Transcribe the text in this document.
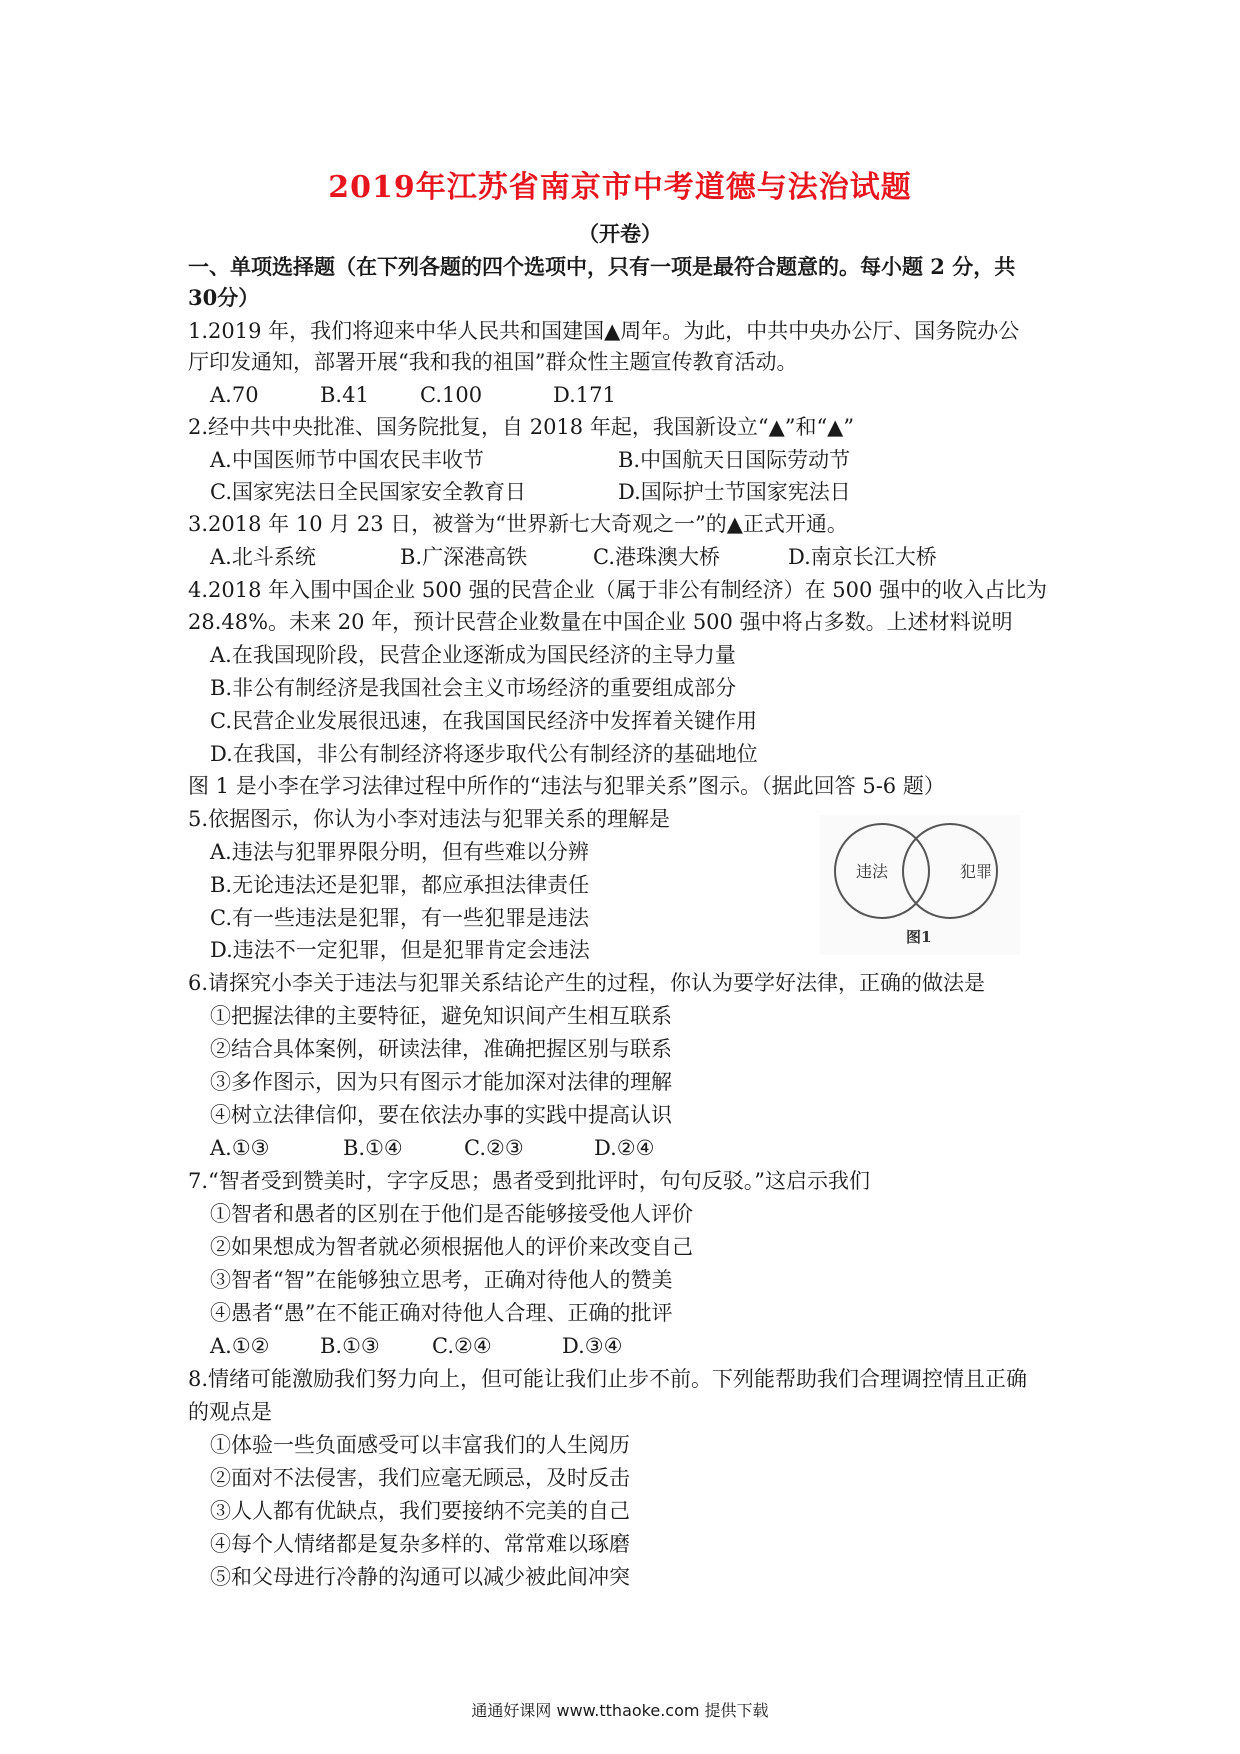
2019年江苏省南京市中考道德与法治试题
（开卷）
一、单项选择题（在下列各题的四个选项中，只有一项是最符合题意的。每小题 2 分，共
30分）
1.2019 年，我们将迎来中华人民共和国建国▲周年。为此，中共中央办公厅、国务院办公
厅印发通知，部署开展“我和我的祖国”群众性主题宣传教育活动。
A.70	B.41 C.100	D.171
2.经中共中央批准、国务院批复，自 2018 年起，我国新设立“▲”和“▲”
A.中国医师节中国农民丰收节	B.中国航天日国际劳动节
C.国家宪法日全民国家安全教育日	D.国际护士节国家宪法日
3.2018 年 10 月 23 日，被誉为“世界新七大奇观之一”的▲正式开通。
A.北斗系统	B.广深港高铁	C.港珠澳大桥	D.南京长江大桥
4.2018 年入围中国企业 500 强的民营企业（属于非公有制经济）在 500 强中的收入占比为
28.48%。未来 20 年，预计民营企业数量在中国企业 500 强中将占多数。上述材料说明
A.在我国现阶段，民营企业逐渐成为国民经济的主导力量
B.非公有制经济是我国社会主义市场经济的重要组成部分
C.民营企业发展很迅速，在我国国民经济中发挥着关键作用
D.在我国，非公有制经济将逐步取代公有制经济的基础地位
图 1 是小李在学习法律过程中所作的“违法与犯罪关系”图示。（据此回答 5-6 题）
5.依据图示，你认为小李对违法与犯罪关系的理解是
A.违法与犯罪界限分明，但有些难以分辨
B.无论违法还是犯罪，都应承担法律责任
C.有一些违法是犯罪，有一些犯罪是违法
D.违法不一定犯罪，但是犯罪肯定会违法
违法	犯罪
图1
6.请探究小李关于违法与犯罪关系结论产生的过程，你认为要学好法律，正确的做法是
①把握法律的主要特征，避免知识间产生相互联系
②结合具体案例，研读法律，准确把握区别与联系
③多作图示，因为只有图示才能加深对法律的理解
④树立法律信仰，要在依法办事的实践中提高认识
A.①③	B.①④	C.②③	D.②④
7.“智者受到赞美时，字字反思；愚者受到批评时，句句反驳。”这启示我们
①智者和愚者的区别在于他们是否能够接受他人评价
②如果想成为智者就必须根据他人的评价来改变自己
③智者“智”在能够独立思考，正确对待他人的赞美
④愚者“愚”在不能正确对待他人合理、正确的批评
A.①② B.①③ C.②④	D.③④
8.情绪可能激励我们努力向上，但可能让我们止步不前。下列能帮助我们合理调控情且正确
的观点是
①体验一些负面感受可以丰富我们的人生阅历
②面对不法侵害，我们应毫无顾忌，及时反击
③人人都有优缺点，我们要接纳不完美的自己
④每个人情绪都是复杂多样的、常常难以琢磨
⑤和父母进行冷静的沟通可以减少被此间冲突
通通好课网 www.tthaoke.com 提供下载
